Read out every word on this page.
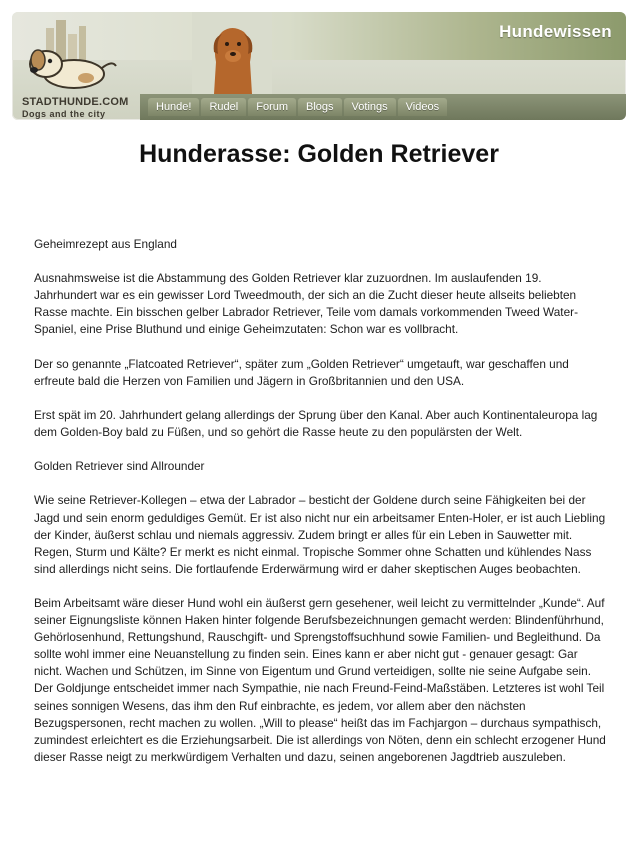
STADTHUNDE.COM
Dogs and the city
Hundewissen
Hunde!	Rudel	Forum	Blogs	Votings	Videos
Hunderasse: Golden Retriever

Geheimrezept aus England

Ausnahmsweise ist die Abstammung des Golden Retriever klar zuzuordnen. Im auslaufenden 19. Jahrhundert war es ein gewisser Lord Tweedmouth, der sich an die Zucht dieser heute allseits beliebten Rasse machte. Ein bisschen gelber Labrador Retriever, Teile vom damals vorkommenden Tweed Water-Spaniel, eine Prise Bluthund und einige Geheimzutaten: Schon war es vollbracht.

Der so genannte „Flatcoated Retriever“, später zum „Golden Retriever“ umgetauft, war geschaffen und erfreute bald die Herzen von Familien und Jägern in Großbritannien und den USA.

Erst spät im 20. Jahrhundert gelang allerdings der Sprung über den Kanal. Aber auch Kontinentaleuropa lag dem Golden-Boy bald zu Füßen, und so gehört die Rasse heute zu den populärsten der Welt.

Golden Retriever sind Allrounder

Wie seine Retriever-Kollegen – etwa der Labrador – besticht der Goldene durch seine Fähigkeiten bei der Jagd und sein enorm geduldiges Gemüt. Er ist also nicht nur ein arbeitsamer Enten-Holer, er ist auch Liebling der Kinder, äußerst schlau und niemals aggressiv. Zudem bringt er alles für ein Leben in Sauwetter mit. Regen, Sturm und Kälte? Er merkt es nicht einmal. Tropische Sommer ohne Schatten und kühlendes Nass sind allerdings nicht seins. Die fortlaufende Erderwärmung wird er daher skeptischen Auges beobachten.

Beim Arbeitsamt wäre dieser Hund wohl ein äußerst gern gesehener, weil leicht zu vermittelnder „Kunde“. Auf seiner Eignungsliste können Haken hinter folgende Berufsbezeichnungen gemacht werden: Blindenführhund, Gehörlosenhund, Rettungshund, Rauschgift- und Sprengstoffsuchhund sowie Familien- und Begleithund. Da sollte wohl immer eine Neuanstellung zu finden sein. Eines kann er aber nicht gut - genauer gesagt: Gar nicht. Wachen und Schützen, im Sinne von Eigentum und Grund verteidigen, sollte nie seine Aufgabe sein. Der Goldjunge entscheidet immer nach Sympathie, nie nach Freund-Feind-Maßstäben. Letzteres ist wohl Teil seines sonnigen Wesens, das ihm den Ruf einbrachte, es jedem, vor allem aber den nächsten Bezugspersonen, recht machen zu wollen. „Will to please“ heißt das im Fachjargon – durchaus sympathisch, zumindest erleichtert es die Erziehungsarbeit. Die ist allerdings von Nöten, denn ein schlecht erzogener Hund dieser Rasse neigt zu merkwürdigem Verhalten und dazu, seinen angeborenen Jagdtrieb auszuleben.
